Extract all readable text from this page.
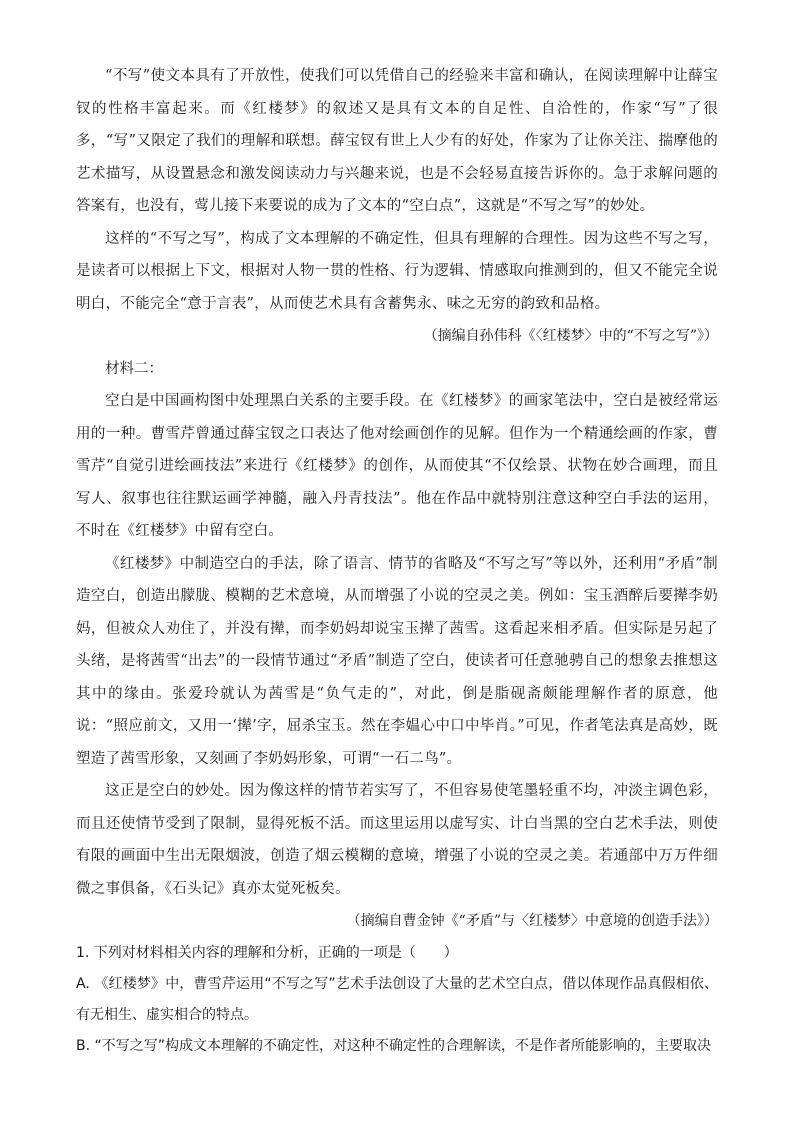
“不写”使文本具有了开放性，使我们可以凭借自己的经验来丰富和确认，在阅读理解中让薛宝钗的性格丰富起来。而《红楼梦》的叙述又是具有文本的自足性、自洽性的，作家“写”了很多，“写”又限定了我们的理解和联想。薛宝钗有世上人少有的好处，作家为了让你关注、揣摩他的艺术描写，从设置悬念和激发阅读动力与兴趣来说，也是不会轻易直接告诉你的。急于求解问题的答案有，也没有，莺儿接下来要说的成为了文本的“空白点”，这就是“不写之写”的妙处。

这样的“不写之写”，构成了文本理解的不确定性，但具有理解的合理性。因为这些不写之写，是读者可以根据上下文，根据对人物一贯的性格、行为逻辑、情感取向推测到的，但又不能完全说明白，不能完全“意于言表”，从而使艺术具有含蓄隽永、味之无穷的韵致和品格。

（摘编自孙伟科《〈红楼梦〉中的“不写之写”》）

材料二：

空白是中国画构图中处理黑白关系的主要手段。在《红楼梦》的画家笔法中，空白是被经常运用的一种。曹雪芹曾通过薛宝钗之口表达了他对绘画创作的见解。但作为一个精通绘画的作家，曹雪芹“自觉引进绘画技法”来进行《红楼梦》的创作，从而使其“不仅绘景、状物在妙合画理，而且写人、叙事也往往默运画学神髓，融入丹青技法”。他在作品中就特别注意这种空白手法的运用，不时在《红楼梦》中留有空白。

《红楼梦》中制造空白的手法，除了语言、情节的省略及“不写之写”等以外，还利用“矛盾”制造空白，创造出朦胧、模糊的艺术意境，从而增强了小说的空灵之美。例如：宝玉酒醉后要撵李奶妈，但被众人劝住了，并没有撵，而李奶妈却说宝玉撵了茜雪。这看起来相矛盾。但实际是另起了头绪，是将茜雪“出去”的一段情节通过“矛盾”制造了空白，使读者可任意驰骋自己的想象去推想这其中的缘由。张爱玲就认为茜雪是“负气走的”，对此，倒是脂砚斋颇能理解作者的原意，他说：“照应前文，又用一‘撵’字，屈杀宝玉。然在李媪心中口中毕肖。”可见，作者笔法真是高妙，既塑造了茜雪形象，又刻画了李奶妈形象，可谓“一石二鸟”。

这正是空白的妙处。因为像这样的情节若实写了，不但容易使笔墨轻重不均，冲淡主调色彩，而且还使情节受到了限制，显得死板不活。而这里运用以虚写实、计白当黑的空白艺术手法，则使有限的画面中生出无限烟波，创造了烟云模糊的意境，增强了小说的空灵之美。若通部中万万件细微之事俱备，《石头记》真亦太觉死板矣。

（摘编自曹金钟《“矛盾”与〈红楼梦〉中意境的创造手法》）

1. 下列对材料相关内容的理解和分析，正确的一项是（　　）

A. 《红楼梦》中，曹雪芹运用“不写之写”艺术手法创设了大量的艺术空白点，借以体现作品真假相依、有无相生、虚实相合的特点。

B. “不写之写”构成文本理解的不确定性，对这种不确定性的合理解读，不是作者所能影响的，主要取决
